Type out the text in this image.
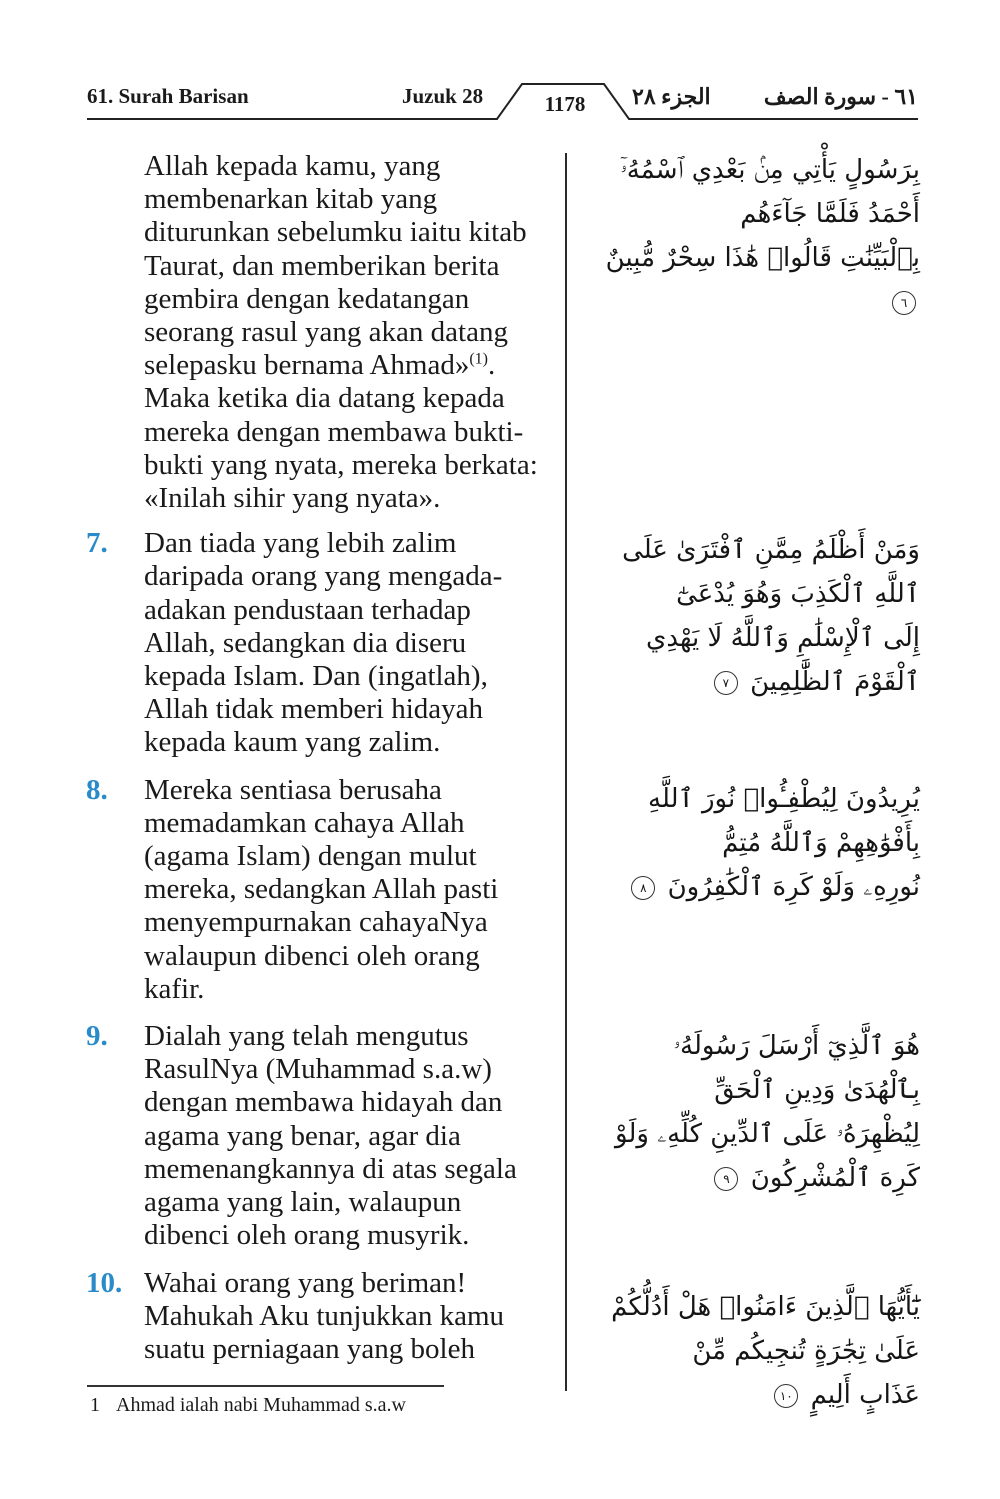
61. Surah Barisan	Juzuk 28	1178	الجزء ٢٨ ٦١ - سورة الصف
Allah kepada kamu, yang
membenarkan kitab yang
diturunkan sebelumku iaitu kitab
Taurat, dan memberikan berita
gembira dengan kedatangan
seorang rasul yang akan datang
selepasku bernama Ahmad»$^{(1)}$.
Maka ketika dia datang kepada
mereka dengan membawa bukti-
bukti yang nyata, mereka berkata:
«Inilah sihir yang nyata».
7.	Dan tiada yang lebih zalim
daripada orang yang mengada-
adakan pendustaan terhadap
Allah, sedangkan dia diseru
kepada Islam. Dan (ingatlah),
Allah tidak memberi hidayah
kepada kaum yang zalim.
8.	Mereka sentiasa berusaha
memadamkan cahaya Allah
(agama Islam) dengan mulut
mereka, sedangkan Allah pasti
menyempurnakan cahayaNya
walaupun dibenci oleh orang
kafir.
9.	Dialah yang telah mengutus
RasulNya (Muhammad s.a.w)
dengan membawa hidayah dan
agama yang benar, agar dia
memenangkannya di atas segala
agama yang lain, walaupun
dibenci oleh orang musyrik.
10. Wahai orang yang beriman!
Mahukah Aku tunjukkan kamu
suatu perniagaan yang boleh
بِرَسُولٍ يَأْتِي مِنۢ بَعْدِي ٱسْمُهُۥٓ أَحْمَدُ فَلَمَّا جَآءَهُم
بِٱلْبَيِّنَٰتِ قَالُوا۟ هَٰذَا سِحْرٌ مُّبِينٌ ٦
وَمَنْ أَظْلَمُ مِمَّنِ ٱفْتَرَىٰ عَلَى ٱللَّهِ ٱلْكَذِبَ وَهُوَ يُدْعَىٰٓ
إِلَى ٱلْإِسْلَٰمِ وَٱللَّهُ لَا يَهْدِي ٱلْقَوْمَ ٱلظَّٰلِمِينَ ٧
يُرِيدُونَ لِيُطْفِـُٔوا۟ نُورَ ٱللَّهِ بِأَفْوَٰهِهِمْ وَٱللَّهُ مُتِمُّ
نُورِهِۦ وَلَوْ كَرِهَ ٱلْكَٰفِرُونَ ٨
هُوَ ٱلَّذِيٓ أَرْسَلَ رَسُولَهُۥ بِٱلْهُدَىٰ وَدِينِ ٱلْحَقِّ
لِيُظْهِرَهُۥ عَلَى ٱلدِّينِ كُلِّهِۦ وَلَوْ كَرِهَ ٱلْمُشْرِكُونَ ٩
يَٰٓأَيُّهَا ٱلَّذِينَ ءَامَنُوا۟ هَلْ أَدُلُّكُمْ عَلَىٰ تِجَٰرَةٍ تُنجِيكُم مِّنْ
عَذَابٍ أَلِيمٍ ١٠
1 Ahmad ialah nabi Muhammad s.a.w
